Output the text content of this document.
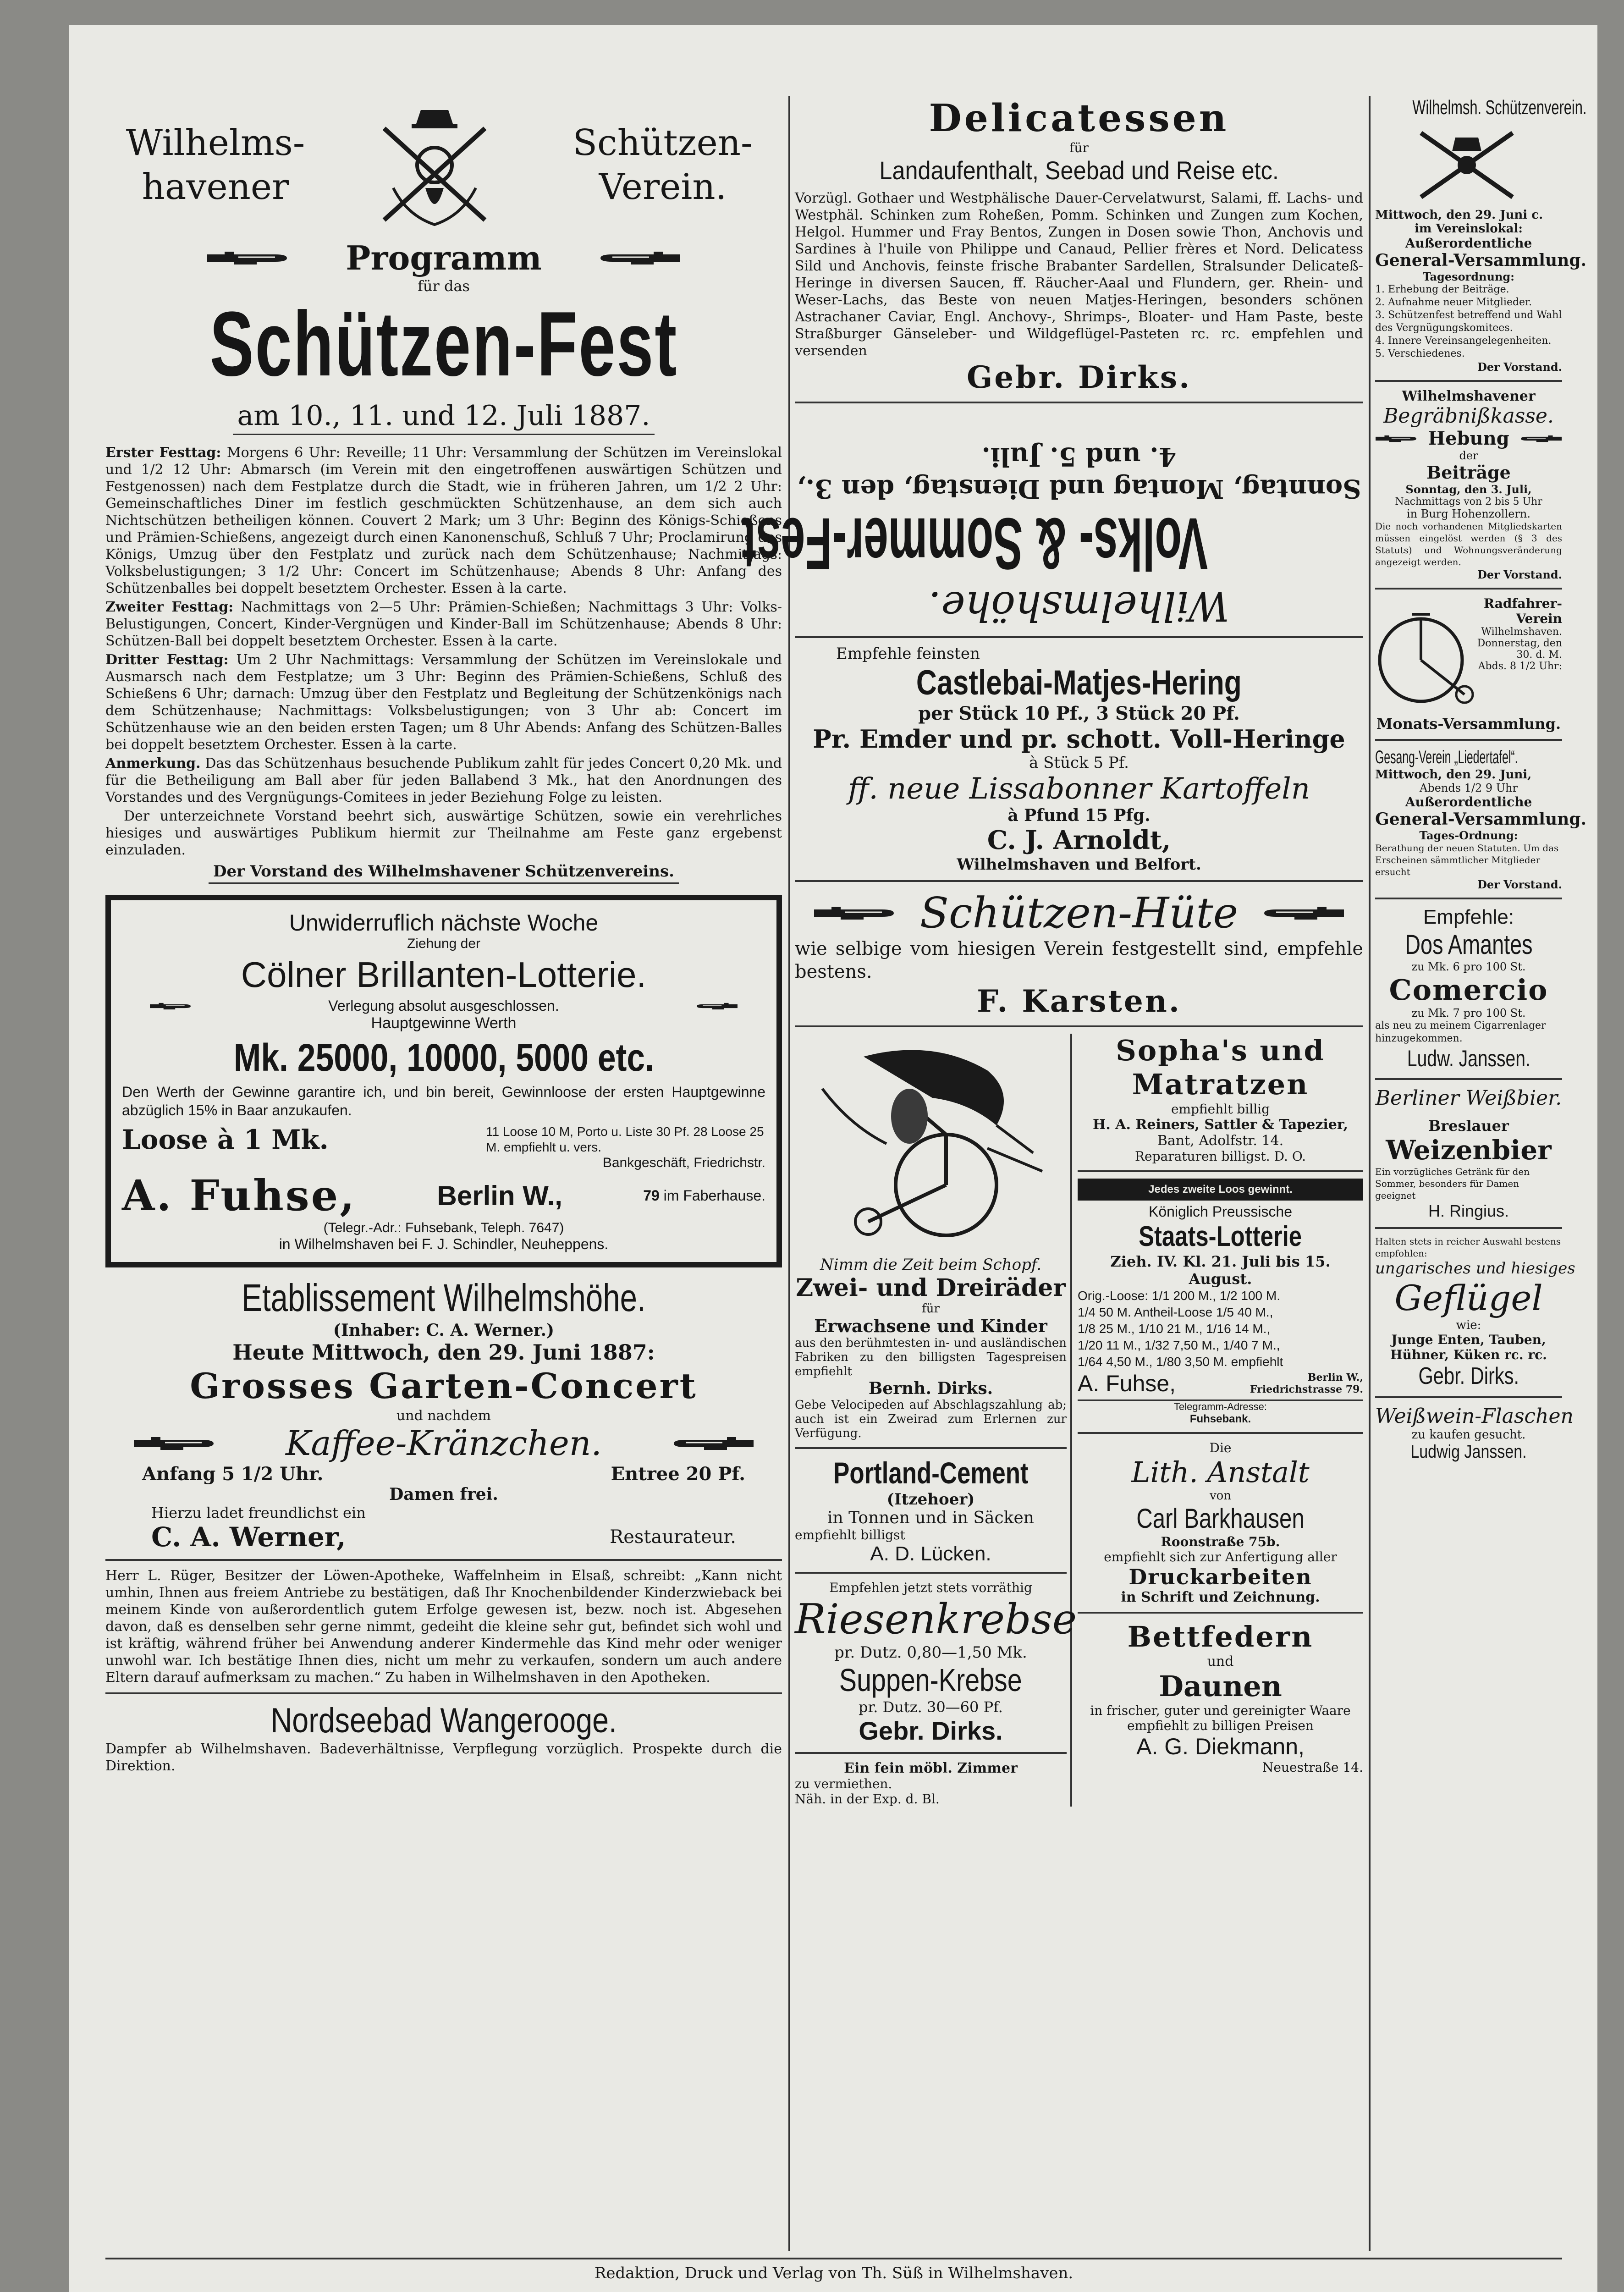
Wilhelms-
havener
Schützen-
Verein.
Programm
für das
Schützen-Fest
am 10., 11. und 12. Juli 1887.

Erster Festtag: Morgens 6 Uhr: Reveille; 11 Uhr: Versammlung der Schützen im Vereinslokal und 1/2 12 Uhr: Abmarsch (im Verein mit den eingetroffenen auswärtigen Schützen und Festgenossen) nach dem Festplatze durch die Stadt, wie in früheren Jahren, um 1/2 2 Uhr: Gemeinschaftliches Diner im festlich geschmückten Schützenhause, an dem sich auch Nichtschützen betheiligen können. Couvert 2 Mark; um 3 Uhr: Beginn des Königs-Schießens und Prämien-Schießens, angezeigt durch einen Kanonenschuß, Schluß 7 Uhr; Proclamirung des Königs, Umzug über den Festplatz und zurück nach dem Schützenhause; Nachmittags: Volksbelustigungen; 3 1/2 Uhr: Concert im Schützenhause; Abends 8 Uhr: Anfang des Schützenballes bei doppelt besetztem Orchester. Essen à la carte.

Zweiter Festtag: Nachmittags von 2—5 Uhr: Prämien-Schießen; Nachmittags 3 Uhr: Volks-Belustigungen, Concert, Kinder-Vergnügen und Kinder-Ball im Schützenhause; Abends 8 Uhr: Schützen-Ball bei doppelt besetztem Orchester. Essen à la carte.

Dritter Festtag: Um 2 Uhr Nachmittags: Versammlung der Schützen im Vereinslokale und Ausmarsch nach dem Festplatze; um 3 Uhr: Beginn des Prämien-Schießens, Schluß des Schießens 6 Uhr; darnach: Umzug über den Festplatz und Begleitung der Schützenkönigs nach dem Schützenhause; Nachmittags: Volksbelustigungen; von 3 Uhr ab: Concert im Schützenhause wie an den beiden ersten Tagen; um 8 Uhr Abends: Anfang des Schützen-Balles bei doppelt besetztem Orchester. Essen à la carte.

Anmerkung. Das das Schützenhaus besuchende Publikum zahlt für jedes Concert 0,20 Mk. und für die Betheiligung am Ball aber für jeden Ballabend 3 Mk., hat den Anordnungen des Vorstandes und des Vergnügungs-Comitees in jeder Beziehung Folge zu leisten.

Der unterzeichnete Vorstand beehrt sich, auswärtige Schützen, sowie ein verehrliches hiesiges und auswärtiges Publikum hiermit zur Theilnahme am Feste ganz ergebenst einzuladen.

Der Vorstand des Wilhelmshavener Schützenvereins.
Unwiderruflich nächste Woche
Ziehung der
Cölner Brillanten-Lotterie.
Verlegung absolut ausgeschlossen.
Hauptgewinne Werth
Mk. 25000, 10000, 5000 etc.
Den Werth der Gewinne garantire ich, und bin bereit, Gewinnloose der ersten Hauptgewinne abzüglich 15% in Baar anzukaufen.
Loose à 1 Mk.	11 Loose 10 M, Porto u. Liste 30 Pf. 28 Loose 25 M. empfiehlt u. vers.
Bankgeschäft, Friedrichstr.
A. Fuhse,	Berlin W.,	79 im Faberhause.
(Telegr.-Adr.: Fuhsebank, Teleph. 7647)
in Wilhelmshaven bei F. J. Schindler, Neuheppens.
Etablissement Wilhelmshöhe.
(Inhaber: C. A. Werner.)
Heute Mittwoch, den 29. Juni 1887:
Grosses Garten-Concert
und nachdem
Kaffee-Kränzchen.
Anfang 5 1/2 Uhr.	Entree 20 Pf.
Damen frei.
Hierzu ladet freundlichst ein
C. A. Werner,	Restaurateur.

Herr L. Rüger, Besitzer der Löwen-Apotheke, Waffelnheim in Elsaß, schreibt: „Kann nicht umhin, Ihnen aus freiem Antriebe zu bestätigen, daß Ihr Knochenbildender Kinderzwieback bei meinem Kinde von außerordentlich gutem Erfolge gewesen ist, bezw. noch ist. Abgesehen davon, daß es denselben sehr gerne nimmt, gedeiht die kleine sehr gut, befindet sich wohl und ist kräftig, während früher bei Anwendung anderer Kindermehle das Kind mehr oder weniger unwohl war. Ich bestätige Ihnen dies, nicht um mehr zu verkaufen, sondern um auch andere Eltern darauf aufmerksam zu machen.“ Zu haben in Wilhelmshaven in den Apotheken.

Nordseebad Wangerooge.
Dampfer ab Wilhelmshaven. Badeverhältnisse, Verpflegung vorzüglich. Prospekte durch die Direktion.
Delicatessen
für
Landaufenthalt, Seebad und Reise etc.
Vorzügl. Gothaer und Westphälische Dauer-Cervelatwurst, Salami, ff. Lachs- und Westphäl. Schinken zum Roheßen, Pomm. Schinken und Zungen zum Kochen, Helgol. Hummer und Fray Bentos, Zungen in Dosen sowie Thon, Anchovis und Sardines à l'huile von Philippe und Canaud, Pellier frères et Nord. Delicatess Sild und Anchovis, feinste frische Brabanter Sardellen, Stralsunder Delicateß-Heringe in diversen Saucen, ff. Räucher-Aaal und Flundern, ger. Rhein- und Weser-Lachs, das Beste von neuen Matjes-Heringen, besonders schönen Astrachaner Caviar, Engl. Anchovy-, Shrimps-, Bloater- und Ham Paste, beste Straßburger Gänseleber- und Wildgeflügel-Pasteten rc. rc. empfehlen und versenden
Gebr. Dirks.
Wilhelmshöhe.
Volks- & Sommer-Fest
Sonntag, Montag und Dienstag, den 3., 4. und 5. Juli.
Empfehle feinsten
Castlebai-Matjes-Hering
per Stück 10 Pf., 3 Stück 20 Pf.
Pr. Emder und pr. schott. Voll-Heringe
à Stück 5 Pf.
ff. neue Lissabonner Kartoffeln
à Pfund 15 Pfg.
C. J. Arnoldt,
Wilhelmshaven und Belfort.
Schützen-Hüte
wie selbige vom hiesigen Verein festgestellt sind, empfehle bestens.
F. Karsten.
Nimm die Zeit beim Schopf.
Zwei- und Dreiräder
für
Erwachsene und Kinder
aus den berühmtesten in- und ausländischen Fabriken zu den billigsten Tagespreisen empfiehlt
Bernh. Dirks.
Gebe Velocipeden auf Abschlagszahlung ab; auch ist ein Zweirad zum Erlernen zur Verfügung.
Portland-Cement
(Itzehoer)
in Tonnen und in Säcken
empfiehlt billigst
A. D. Lücken.
Empfehlen jetzt stets vorräthig
Riesenkrebse
pr. Dutz. 0,80—1,50 Mk.
Suppen-Krebse
pr. Dutz. 30—60 Pf.
Gebr. Dirks.
Ein fein möbl. Zimmer
zu vermiethen.
Näh. in der Exp. d. Bl.
Sopha's und Matratzen
empfiehlt billig
H. A. Reiners, Sattler & Tapezier,
Bant, Adolfstr. 14.
Reparaturen billigst. D. O.
Jedes zweite Loos gewinnt.
Königlich Preussische
Staats-Lotterie
Zieh. IV. Kl. 21. Juli bis 15. August.
Orig.-Loose: 1/1 200 M., 1/2 100 M.
1/4 50 M. Antheil-Loose 1/5 40 M.,
1/8 25 M., 1/10 21 M., 1/16 14 M.,
1/20 11 M., 1/32 7,50 M., 1/40 7 M.,
1/64 4,50 M., 1/80 3,50 M. empfiehlt
A. Fuhse,	Berlin W.,
Friedrichstrasse 79.
Telegramm-Adresse:
Fuhsebank.
Die
Lith. Anstalt
von
Carl Barkhausen
Roonstraße 75b.
empfiehlt sich zur Anfertigung aller
Druckarbeiten
in Schrift und Zeichnung.
Bettfedern
und
Daunen
in frischer, guter und gereinigter Waare
empfiehlt zu billigen Preisen
A. G. Diekmann,
Neuestraße 14.
Wilhelmsh. Schützenverein.
Mittwoch, den 29. Juni c.
im Vereinslokal:
Außerordentliche
General-Versammlung.
Tagesordnung:
1. Erhebung der Beiträge.
2. Aufnahme neuer Mitglieder.
3. Schützenfest betreffend und Wahl des Vergnügungskomitees.
4. Innere Vereinsangelegenheiten.
5. Verschiedenes.
Der Vorstand.
Wilhelmshavener
Begräbnißkasse.
Hebung
der
Beiträge
Sonntag, den 3. Juli,
Nachmittags von 2 bis 5 Uhr
in Burg Hohenzollern.
Die noch vorhandenen Mitgliedskarten müssen eingelöst werden (§ 3 des Statuts) und Wohnungsveränderung angezeigt werden.
Der Vorstand.
Radfahrer-Verein
Wilhelmshaven.
Donnerstag, den 30. d. M.
Abds. 8 1/2 Uhr:
Monats-Versammlung.
Gesang-Verein „Liedertafel“.
Mittwoch, den 29. Juni,
Abends 1/2 9 Uhr
Außerordentliche
General-Versammlung.
Tages-Ordnung:
Berathung der neuen Statuten. Um das Erscheinen sämmtlicher Mitglieder ersucht
Der Vorstand.
Empfehle:
Dos Amantes
zu Mk. 6 pro 100 St.
Comercio
zu Mk. 7 pro 100 St.
als neu zu meinem Cigarrenlager hinzugekommen.
Ludw. Janssen.
Berliner Weißbier.
Breslauer
Weizenbier
Ein vorzügliches Getränk für den Sommer, besonders für Damen geeignet
H. Ringius.
Halten stets in reicher Auswahl bestens empfohlen:
ungarisches und hiesiges
Geflügel
wie:
Junge Enten, Tauben, Hühner, Küken rc. rc.
Gebr. Dirks.
Weißwein-Flaschen
zu kaufen gesucht.
Ludwig Janssen.
Redaktion, Druck und Verlag von Th. Süß in Wilhelmshaven.
